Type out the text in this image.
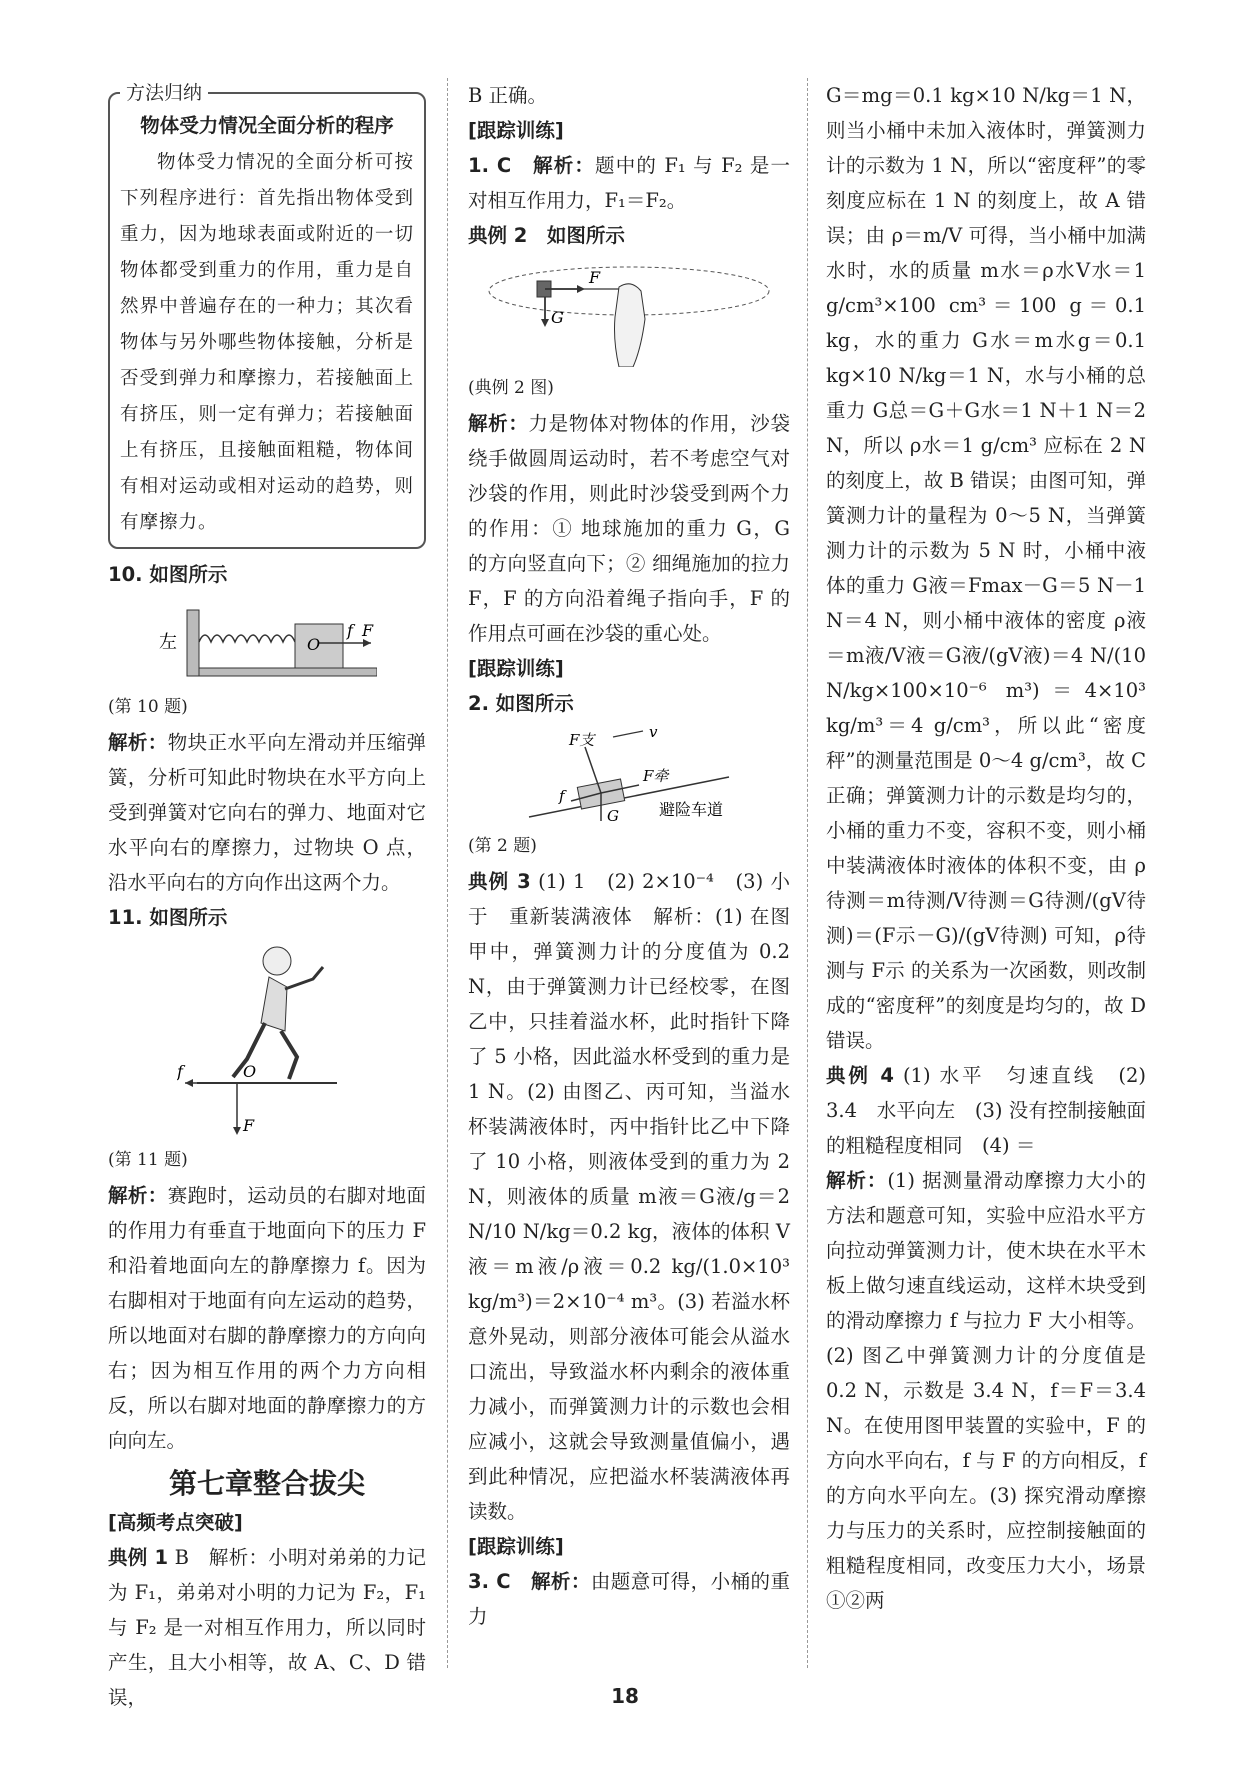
方法归纳
物体受力情况全面分析的程序

物体受力情况的全面分析可按下列程序进行：首先指出物体受到重力，因为地球表面或附近的一切物体都受到重力的作用，重力是自然界中普遍存在的一种力；其次看物体与另外哪些物体接触，分析是否受到弹力和摩擦力，若接触面上有挤压，则一定有弹力；若接触面上有挤压，且接触面粗糙，物体间有相对运动或相对运动的趋势，则有摩擦力。

10. 如图所示

左	O
f F

(第 10 题)

解析：物块正水平向左滑动并压缩弹簧，分析可知此时物块在水平方向上受到弹簧对它向右的弹力、地面对它水平向右的摩擦力，过物块 O 点，沿水平向右的方向作出这两个力。

11. 如图所示

f	O
F

(第 11 题)

解析：赛跑时，运动员的右脚对地面的作用力有垂直于地面向下的压力 F 和沿着地面向左的静摩擦力 f。因为右脚相对于地面有向左运动的趋势，所以地面对右脚的静摩擦力的方向向右；因为相互作用的两个力方向相反，所以右脚对地面的静摩擦力的方向向左。

第七章整合拔尖

[高频考点突破]

典例 1 B　解析：小明对弟弟的力记为 F₁，弟弟对小明的力记为 F₂，F₁ 与 F₂ 是一对相互作用力，所以同时产生，且大小相等，故 A、C、D 错误，

B 正确。

[跟踪训练]

1. C　解析：题中的 F₁ 与 F₂ 是一对相互作用力，F₁＝F₂。

典例 2　如图所示

F
G

(典例 2 图)

解析：力是物体对物体的作用，沙袋绕手做圆周运动时，若不考虑空气对沙袋的作用，则此时沙袋受到两个力的作用：① 地球施加的重力 G，G 的方向竖直向下；② 细绳施加的拉力 F，F 的方向沿着绳子指向手，F 的作用点可画在沙袋的重心处。

[跟踪训练]

2. 如图所示

F支	v
F牵
f
G	避险车道

(第 2 题)

典例 3 (1) 1　(2) 2×10⁻⁴　(3) 小于　重新装满液体　解析：(1) 在图甲中，弹簧测力计的分度值为 0.2 N，由于弹簧测力计已经校零，在图乙中，只挂着溢水杯，此时指针下降了 5 小格，因此溢水杯受到的重力是 1 N。(2) 由图乙、丙可知，当溢水杯装满液体时，丙中指针比乙中下降了 10 小格，则液体受到的重力为 2 N，则液体的质量 m液＝G液/g＝2 N/10 N/kg＝0.2 kg，液体的体积 V液＝m液/ρ液＝0.2 kg/(1.0×10³ kg/m³)＝2×10⁻⁴ m³。(3) 若溢水杯意外晃动，则部分液体可能会从溢水口流出，导致溢水杯内剩余的液体重力减小，而弹簧测力计的示数也会相应减小，这就会导致测量值偏小，遇到此种情况，应把溢水杯装满液体再读数。

[跟踪训练]

3. C　解析：由题意可得，小桶的重力

G＝mg＝0.1 kg×10 N/kg＝1 N，则当小桶中未加入液体时，弹簧测力计的示数为 1 N，所以“密度秤”的零刻度应标在 1 N 的刻度上，故 A 错误；由 ρ＝m/V 可得，当小桶中加满水时，水的质量 m水＝ρ水V水＝1 g/cm³×100 cm³＝100 g＝0.1 kg，水的重力 G水＝m水g＝0.1 kg×10 N/kg＝1 N，水与小桶的总重力 G总＝G＋G水＝1 N＋1 N＝2 N，所以 ρ水＝1 g/cm³ 应标在 2 N 的刻度上，故 B 错误；由图可知，弹簧测力计的量程为 0～5 N，当弹簧测力计的示数为 5 N 时，小桶中液体的重力 G液＝Fmax－G＝5 N－1 N＝4 N，则小桶中液体的密度 ρ液＝m液/V液＝G液/(gV液)＝4 N/(10 N/kg×100×10⁻⁶ m³)＝4×10³ kg/m³＝4 g/cm³，所以此“密度秤”的测量范围是 0～4 g/cm³，故 C 正确；弹簧测力计的示数是均匀的，小桶的重力不变，容积不变，则小桶中装满液体时液体的体积不变，由 ρ待测＝m待测/V待测＝G待测/(gV待测)＝(F示－G)/(gV待测) 可知，ρ待测与 F示 的关系为一次函数，则改制成的“密度秤”的刻度是均匀的，故 D 错误。

典例 4 (1) 水平　匀速直线　(2) 3.4　水平向左　(3) 没有控制接触面的粗糙程度相同　(4) ＝

解析：(1) 据测量滑动摩擦力大小的方法和题意可知，实验中应沿水平方向拉动弹簧测力计，使木块在水平木板上做匀速直线运动，这样木块受到的滑动摩擦力 f 与拉力 F 大小相等。(2) 图乙中弹簧测力计的分度值是 0.2 N，示数是 3.4 N，f＝F＝3.4 N。在使用图甲装置的实验中，F 的方向水平向右，f 与 F 的方向相反，f 的方向水平向左。(3) 探究滑动摩擦力与压力的关系时，应控制接触面的粗糙程度相同，改变压力大小，场景①②两

18
